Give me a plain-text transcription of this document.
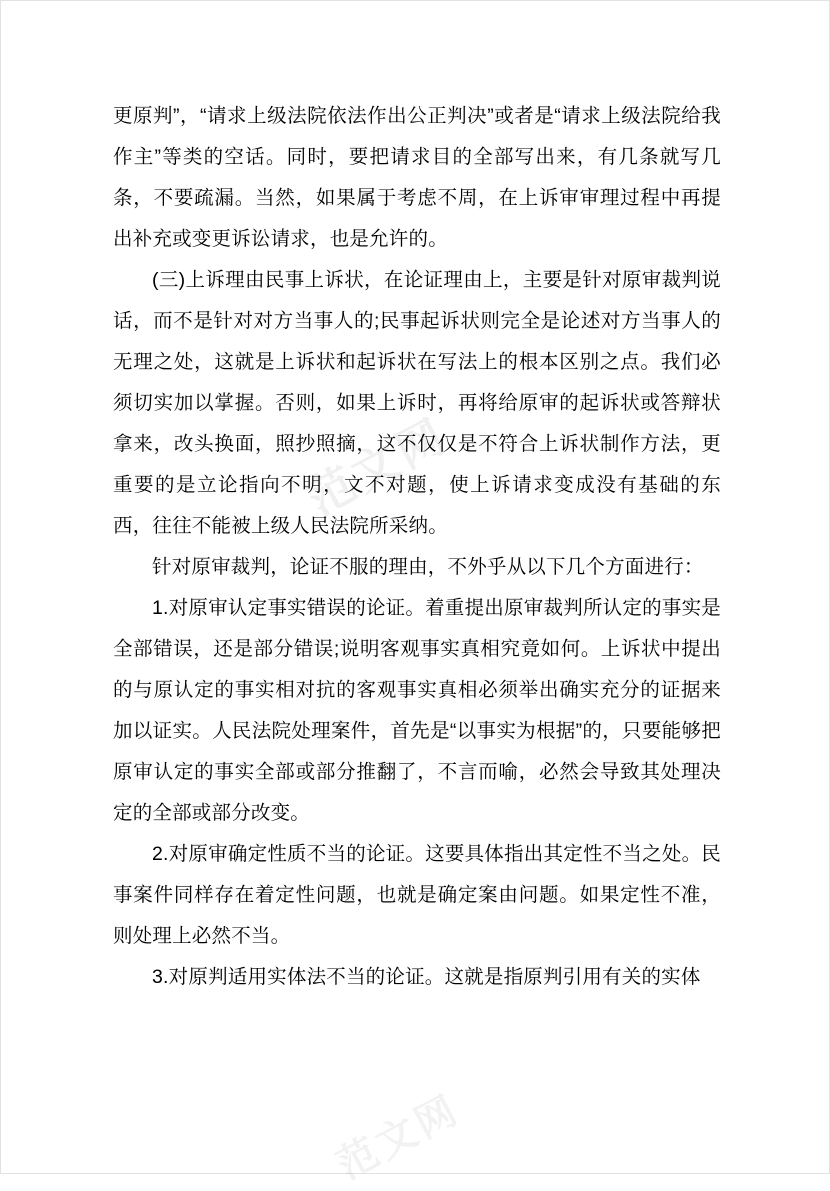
范文网

更原判”，“请求上级法院依法作出公正判决”或者是“请求上级法院给我作主”等类的空话。同时，要把请求目的全部写出来，有几条就写几条，不要疏漏。当然，如果属于考虑不周，在上诉审审理过程中再提出补充或变更诉讼请求，也是允许的。

(三)上诉理由民事上诉状，在论证理由上，主要是针对原审裁判说话，而不是针对对方当事人的;民事起诉状则完全是论述对方当事人的无理之处，这就是上诉状和起诉状在写法上的根本区别之点。我们必须切实加以掌握。否则，如果上诉时，再将给原审的起诉状或答辩状拿来，改头换面，照抄照摘，这不仅仅是不符合上诉状制作方法，更重要的是立论指向不明，文不对题，使上诉请求变成没有基础的东西，往往不能被上级人民法院所采纳。

针对原审裁判，论证不服的理由，不外乎从以下几个方面进行：

1.对原审认定事实错误的论证。着重提出原审裁判所认定的事实是全部错误，还是部分错误;说明客观事实真相究竟如何。上诉状中提出的与原认定的事实相对抗的客观事实真相必须举出确实充分的证据来加以证实。人民法院处理案件，首先是“以事实为根据”的，只要能够把原审认定的事实全部或部分推翻了，不言而喻，必然会导致其处理决定的全部或部分改变。

2.对原审确定性质不当的论证。这要具体指出其定性不当之处。民事案件同样存在着定性问题，也就是确定案由问题。如果定性不准，则处理上必然不当。

3.对原判适用实体法不当的论证。这就是指原判引用有关的实体

范文网
